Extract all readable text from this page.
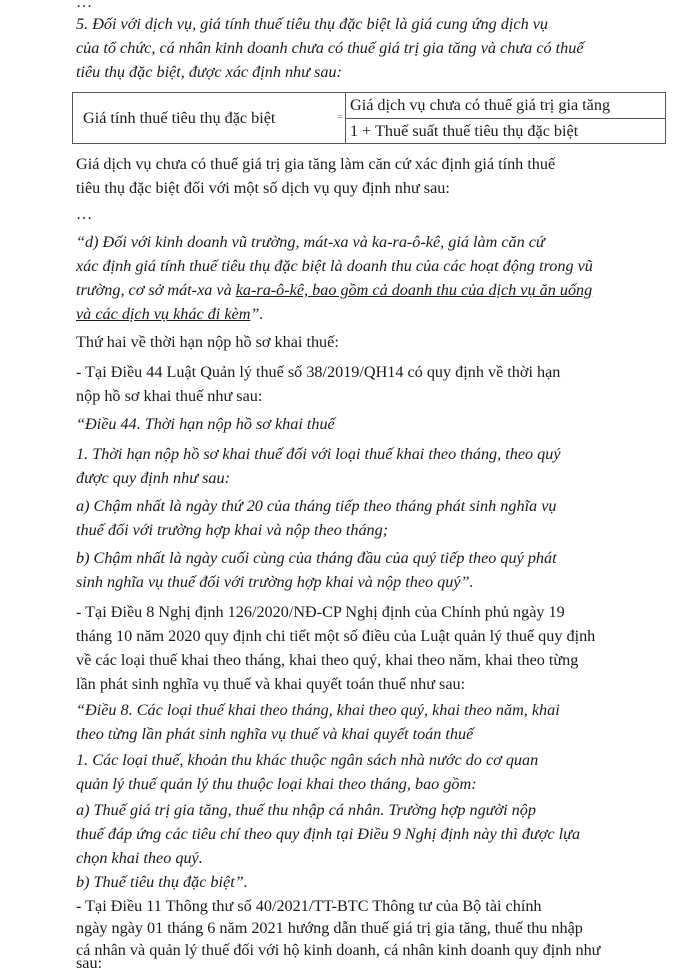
…
5. Đối với dịch vụ, giá tính thuế tiêu thụ đặc biệt là giá cung ứng dịch vụ
của tổ chức, cá nhân kinh doanh chưa có thuế giá trị gia tăng và chưa có thuế
tiêu thụ đặc biệt, được xác định như sau:
Giá tính thuế tiêu thụ đặc biệt	=
Giá dịch vụ chưa có thuế giá trị gia tăng
1 + Thuế suất thuế tiêu thụ đặc biệt
Giá dịch vụ chưa có thuế giá trị gia tăng làm căn cứ xác định giá tính thuế
tiêu thụ đặc biệt đối với một số dịch vụ quy định như sau:
…
“d) Đối với kinh doanh vũ trường, mát-xa và ka-ra-ô-kê, giá làm căn cứ
xác định giá tính thuế tiêu thụ đặc biệt là doanh thu của các hoạt động trong vũ
trường, cơ sở mát-xa và ka-ra-ô-kê, bao gồm cả doanh thu của dịch vụ ăn uống
và các dịch vụ khác đi kèm”.
Thứ hai về thời hạn nộp hồ sơ khai thuế:
- Tại Điều 44 Luật Quản lý thuế số 38/2019/QH14 có quy định về thời hạn
nộp hồ sơ khai thuế như sau:
“Điều 44. Thời hạn nộp hồ sơ khai thuế
1. Thời hạn nộp hồ sơ khai thuế đối với loại thuế khai theo tháng, theo quý
được quy định như sau:
a) Chậm nhất là ngày thứ 20 của tháng tiếp theo tháng phát sinh nghĩa vụ
thuế đối với trường hợp khai và nộp theo tháng;
b) Chậm nhất là ngày cuối cùng của tháng đầu của quý tiếp theo quý phát
sinh nghĩa vụ thuế đối với trường hợp khai và nộp theo quý”.
- Tại Điều 8 Nghị định 126/2020/NĐ-CP Nghị định của Chính phủ ngày 19
tháng 10 năm 2020 quy định chi tiết một số điều của Luật quản lý thuế quy định
về các loại thuế khai theo tháng, khai theo quý, khai theo năm, khai theo từng
lần phát sinh nghĩa vụ thuế và khai quyết toán thuế như sau:
“Điều 8. Các loại thuế khai theo tháng, khai theo quý, khai theo năm, khai
theo từng lần phát sinh nghĩa vụ thuế và khai quyết toán thuế
1. Các loại thuế, khoản thu khác thuộc ngân sách nhà nước do cơ quan
quản lý thuế quản lý thu thuộc loại khai theo tháng, bao gồm:
a) Thuế giá trị gia tăng, thuế thu nhập cá nhân. Trường hợp người nộp
thuế đáp ứng các tiêu chí theo quy định tại Điều 9 Nghị định này thì được lựa
chọn khai theo quý.
b) Thuế tiêu thụ đặc biệt”.
- Tại Điều 11 Thông thư số 40/2021/TT-BTC Thông tư của Bộ tài chính
ngày ngày 01 tháng 6 năm 2021 hướng dẫn thuế giá trị gia tăng, thuế thu nhập
cá nhân và quản lý thuế đối với hộ kinh doanh, cá nhân kinh doanh quy định như
sau:
